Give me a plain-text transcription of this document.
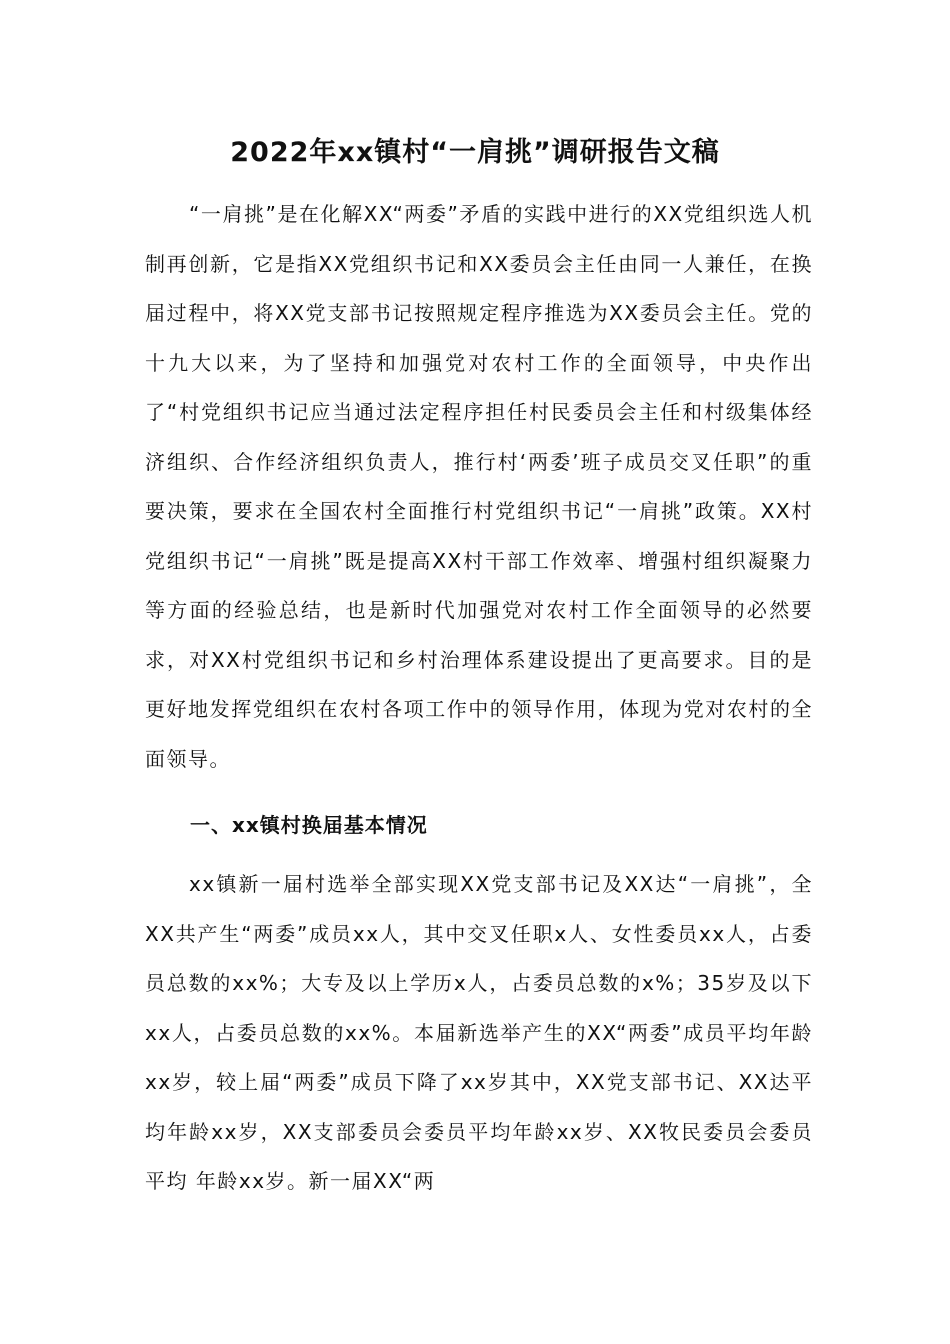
2022年xx镇村“一肩挑”调研报告文稿

“一肩挑”是在化解XX“两委”矛盾的实践中进行的XX党组织选人机制再创新，它是指XX党组织书记和XX委员会主任由同一人兼任，在换届过程中，将XX党支部书记按照规定程序推选为XX委员会主任。党的十九大以来，为了坚持和加强党对农村工作的全面领导，中央作出了“村党组织书记应当通过法定程序担任村民委员会主任和村级集体经济组织、合作经济组织负责人，推行村‘两委’班子成员交叉任职”的重要决策，要求在全国农村全面推行村党组织书记“一肩挑”政策。XX村党组织书记“一肩挑”既是提高XX村干部工作效率、增强村组织凝聚力等方面的经验总结，也是新时代加强党对农村工作全面领导的必然要求，对XX村党组织书记和乡村治理体系建设提出了更高要求。目的是更好地发挥党组织在农村各项工作中的领导作用，体现为党对农村的全面领导。

一、xx镇村换届基本情况

xx镇新一届村选举全部实现XX党支部书记及XX达“一肩挑”，全XX共产生“两委”成员xx人，其中交叉任职x人、女性委员xx人，占委员总数的xx%；大专及以上学历x人，占委员总数的x%；35岁及以下xx人，占委员总数的xx%。本届新选举产生的XX“两委”成员平均年龄xx岁，较上届“两委”成员下降了xx岁其中，XX党支部书记、XX达平均年龄xx岁，XX支部委员会委员平均年龄xx岁、XX牧民委员会委员平均 年龄xx岁。新一届XX“两
